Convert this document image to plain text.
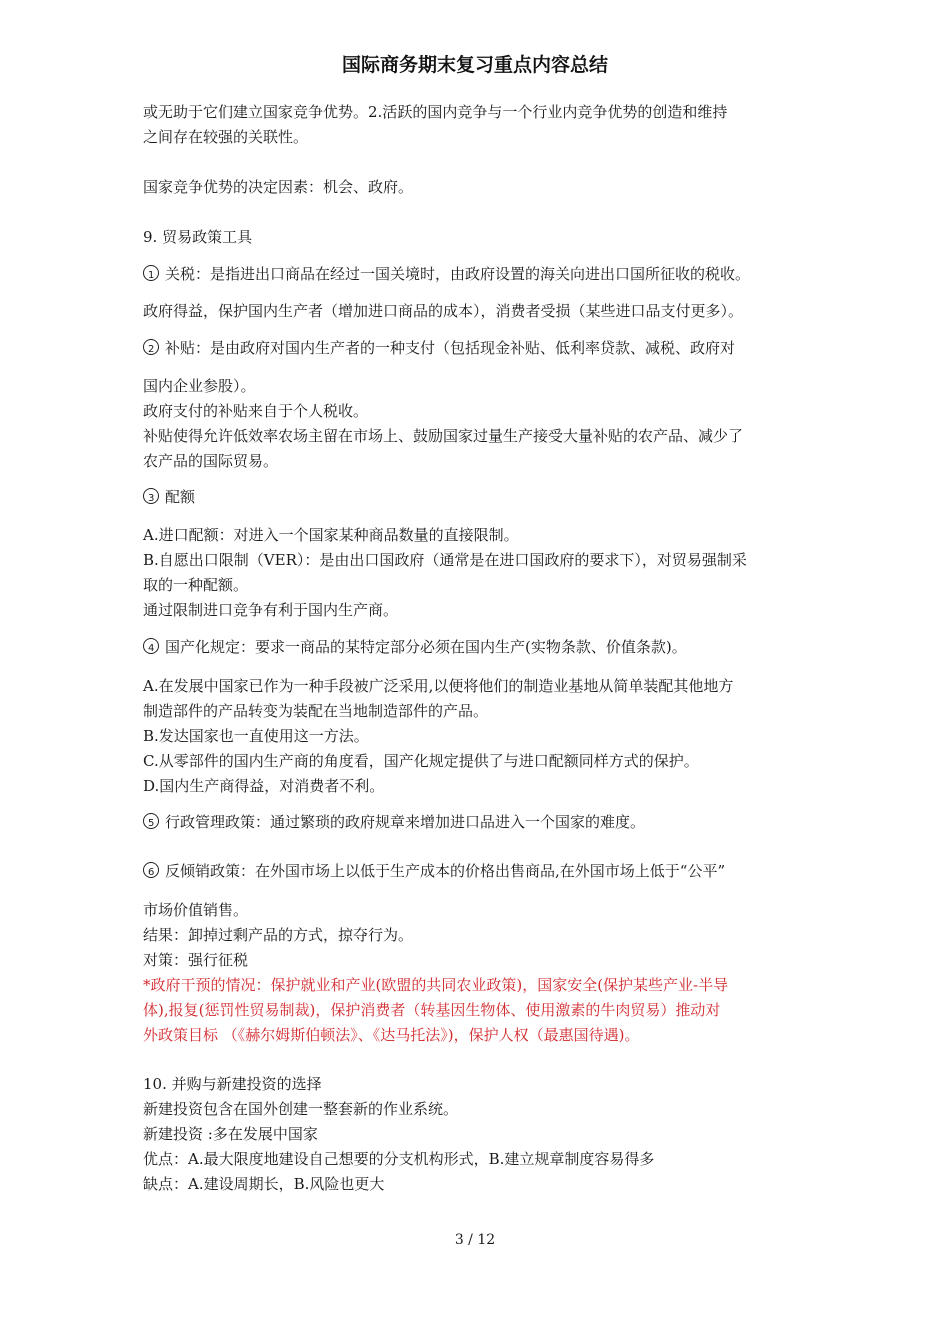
国际商务期末复习重点内容总结
或无助于它们建立国家竞争优势。2.活跃的国内竞争与一个行业内竞争优势的创造和维持
之间存在较强的关联性。
国家竞争优势的决定因素：机会、政府。
9. 贸易政策工具
1 关税：是指进出口商品在经过一国关境时，由政府设置的海关向进出口国所征收的税收。
政府得益，保护国内生产者（增加进口商品的成本），消费者受损（某些进口品支付更多）。
2 补贴：是由政府对国内生产者的一种支付（包括现金补贴、低利率贷款、减税、政府对
国内企业参股）。
政府支付的补贴来自于个人税收。
补贴使得允许低效率农场主留在市场上、鼓励国家过量生产接受大量补贴的农产品、减少了
农产品的国际贸易。
3 配额
A.进口配额：对进入一个国家某种商品数量的直接限制。
B.自愿出口限制（VER）：是由出口国政府（通常是在进口国政府的要求下），对贸易强制采
取的一种配额。
通过限制进口竞争有利于国内生产商。
4 国产化规定：要求一商品的某特定部分必须在国内生产(实物条款、价值条款)。
A.在发展中国家已作为一种手段被广泛采用,以便将他们的制造业基地从简单装配其他地方
制造部件的产品转变为装配在当地制造部件的产品。
B.发达国家也一直使用这一方法。
C.从零部件的国内生产商的角度看，国产化规定提供了与进口配额同样方式的保护。
D.国内生产商得益，对消费者不利。
5 行政管理政策：通过繁琐的政府规章来增加进口品进入一个国家的难度。
6 反倾销政策：在外国市场上以低于生产成本的价格出售商品,在外国市场上低于“公平”
市场价值销售。
结果：卸掉过剩产品的方式，掠夺行为。
对策：强行征税
*政府干预的情况：保护就业和产业(欧盟的共同农业政策)，国家安全(保护某些产业-半导
体),报复(惩罚性贸易制裁)，保护消费者（转基因生物体、使用激素的牛肉贸易）推动对
外政策目标 （《赫尔姆斯伯顿法》、《达马托法》)，保护人权（最惠国待遇)。
10. 并购与新建投资的选择
新建投资包含在国外创建一整套新的作业系统。
新建投资 :多在发展中国家
优点：A.最大限度地建设自己想要的分支机构形式，B.建立规章制度容易得多
缺点：A.建设周期长，B.风险也更大
3 / 12
